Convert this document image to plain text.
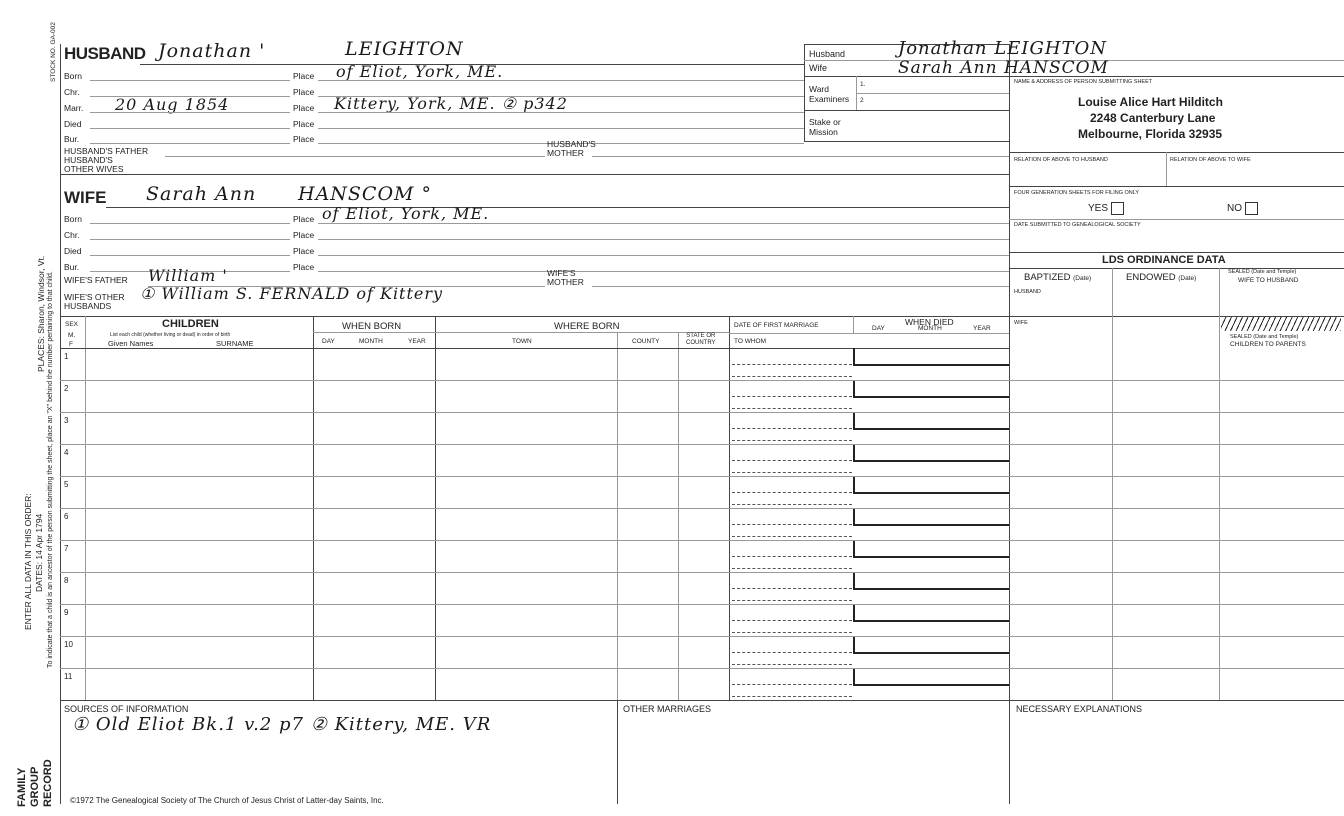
STOCK NO. GA-002
PLACES: Sharon, Windsor, Vt. To indicate that a child is an ancestor of the person submitting the sheet, place an "X" behind the number pertaining to that child.
ENTER ALL DATA IN THIS ORDER: DATES: 14 Apr 1794
FAMILY GROUP RECORD
HUSBAND Jonathan '	LEIGHTON
Born	Place of Eliot, York, ME.
Chr.	Place
Marr. 20 Aug 1854	Place Kittery, York, ME. ② p342
Died	Place
Bur.	Place
HUSBAND'S FATHER
HUSBAND'S
MOTHER
HUSBAND'S
OTHER WIVES
WIFE Sarah Ann HANSCOM °
Born	Place of Eliot, York, ME.
Chr.	Place
Died	Place
Bur.	Place
WIFE'S FATHER William '	WIFE'S
MOTHER
WIFE'S OTHER
HUSBANDS
① William S. FERNALD of Kittery
Husband	Jonathan LEIGHTON
Wife	Sarah Ann HANSCOM
Ward
Examiners
1.
2
Stake or
Mission
NAME & ADDRESS OF PERSON SUBMITTING SHEET
Louise Alice Hart Hilditch
2248 Canterbury Lane
Melbourne, Florida 32935
RELATION OF ABOVE TO HUSBAND	RELATION OF ABOVE TO WIFE
FOUR GENERATION SHEETS FOR FILING ONLY
YES	NO
DATE SUBMITTED TO GENEALOGICAL SOCIETY
LDS ORDINANCE DATA
BAPTIZED (Date)	ENDOWED (Date)
SEALED (Date and Temple)
WIFE TO HUSBAND
HUSBAND
WIFE
SEALED (Date and Temple)
CHILDREN TO PARENTS
SEX
M.
F
CHILDREN
List each child (whether living or dead) in order of birth
Given Names	SURNAME
WHEN BORN
DAY	MONTH	YEAR
WHERE BORN
TOWN	COUNTY
STATE OR
COUNTRY
DATE OF FIRST MARRIAGE
TO WHOM
WHEN DIED
DAY	MONTH	YEAR
1
2
3
4
5
6
7
8
9
10
11
SOURCES OF INFORMATION
① Old Eliot Bk.1 v.2 p7 ② Kittery, ME. VR
OTHER MARRIAGES	NECESSARY EXPLANATIONS
©1972 The Genealogical Society of The Church of Jesus Christ of Latter-day Saints, Inc.
